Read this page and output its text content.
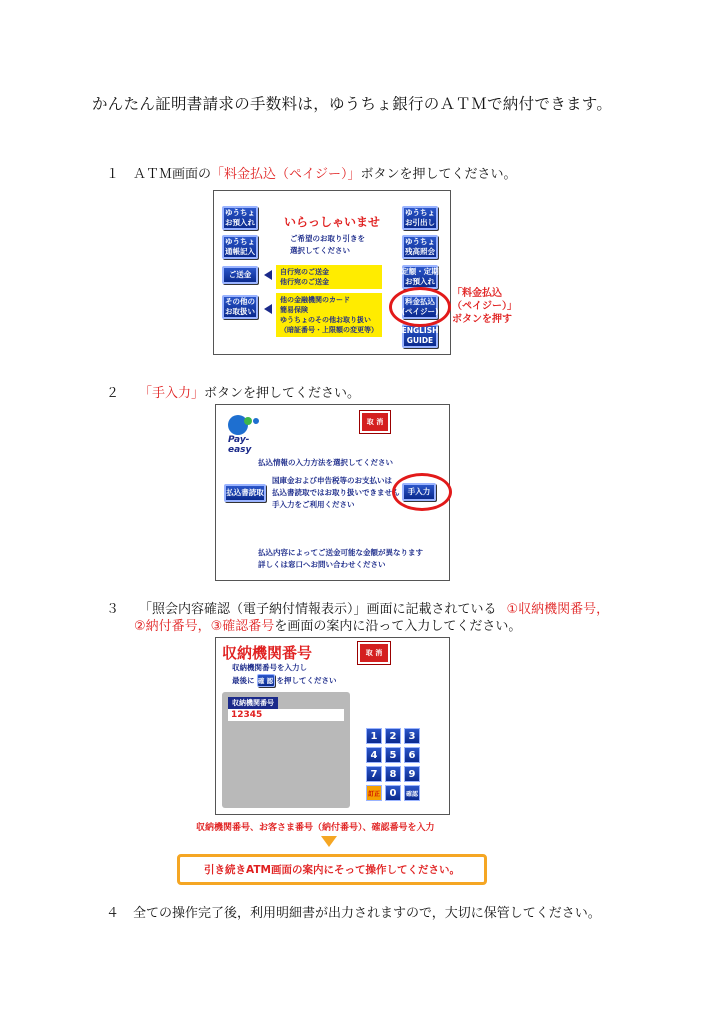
かんたん証明書請求の手数料は，ゆうちょ銀行のＡＴＭで納付できます。
１ ＡＴＭ画面の「料金払込（ペイジー）」ボタンを押してください。
ゆうちょ
お預入れ
ゆうちょ
通帳記入
ご送金
その他の
お取扱い
いらっしゃいませ
ご希望のお取り引きを
選択してください
自行宛のご送金
他行宛のご送金
他の金融機関のカード
簡易保険
ゆうちょのその他お取り扱い
（暗証番号・上限額の変更等）
ゆうちょ
お引出し
ゆうちょ
残高照会
定額・定期
お預入れ
料金払込
(ペイジー)
ENGLISH
GUIDE
「料金払込
（ペイジー）」
ボタンを押す
２ 「手入力」ボタンを押してください。
Pay-easy
取 消
払込情報の入力方法を選択してください
払込書読取
国庫金および申告税等のお支払いは
払込書読取ではお取り扱いできません
手入力をご利用ください
手入力
払込内容によってご送金可能な金額が異なります
詳しくは窓口へお問い合わせください
３ 「照会内容確認（電子納付情報表示）」画面に記載されている ①収納機関番号，
②納付番号，③確認番号を画面の案内に沿って入力してください。
収納機関番号	取 消
収納機関番号を入力し
最後に 確 認 を押してください
収納機関番号
12345
1	2	3
4	5	6
7	8	9
訂正 0	確認
収納機関番号、お客さま番号（納付番号）、確認番号を入力
引き続きATM画面の案内にそって操作してください。
４ 全ての操作完了後，利用明細書が出力されますので，大切に保管してください。
